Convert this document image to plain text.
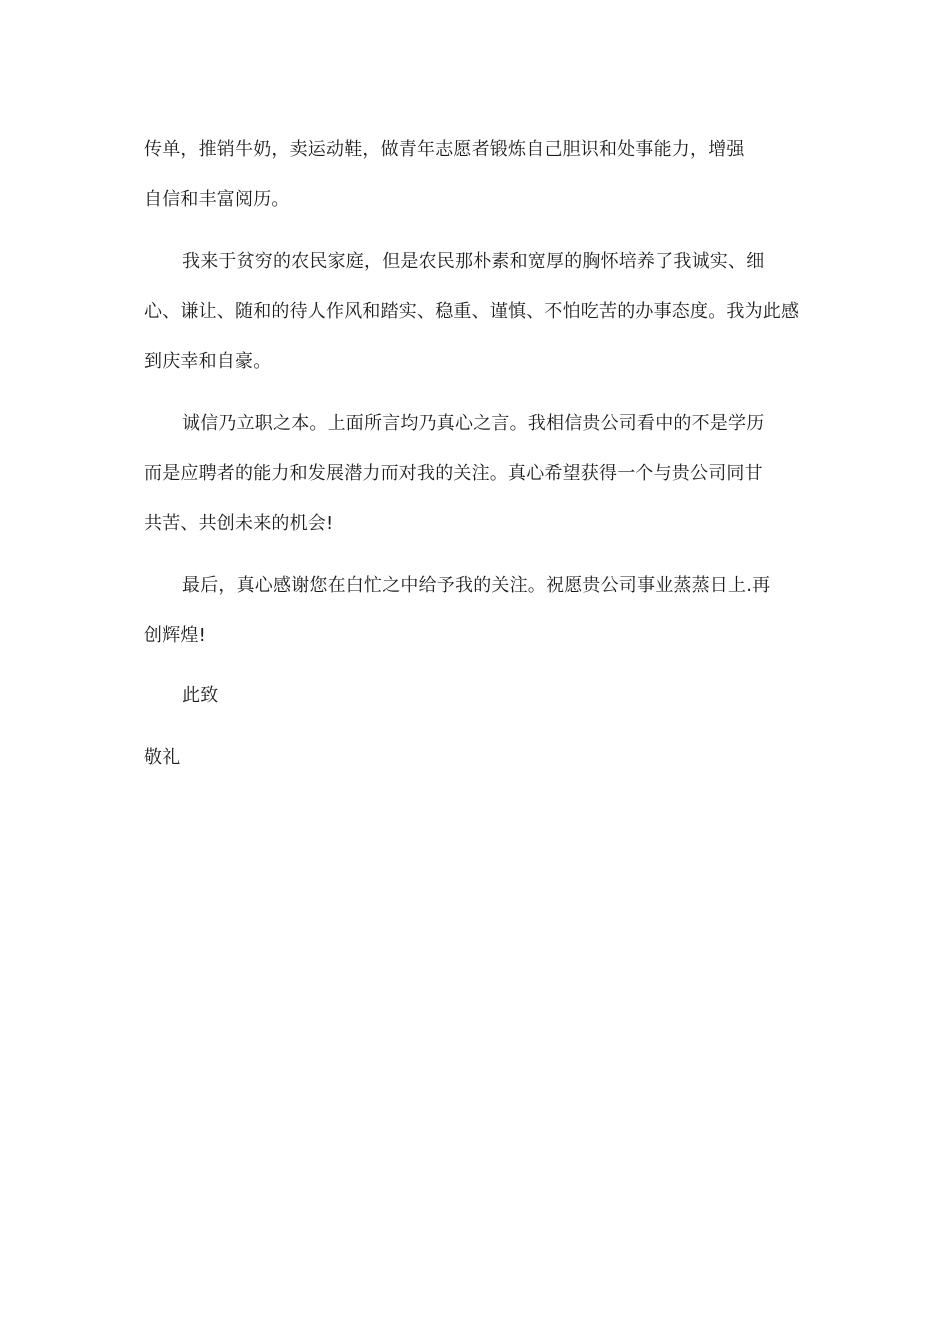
传单，推销牛奶，卖运动鞋，做青年志愿者锻炼自己胆识和处事能力，增强
自信和丰富阅历。
我来于贫穷的农民家庭，但是农民那朴素和宽厚的胸怀培养了我诚实、细
心、谦让、随和的待人作风和踏实、稳重、谨慎、不怕吃苦的办事态度。我为此感
到庆幸和自豪。
诚信乃立职之本。上面所言均乃真心之言。我相信贵公司看中的不是学历
而是应聘者的能力和发展潜力而对我的关注。真心希望获得一个与贵公司同甘
共苦、共创未来的机会!
最后，真心感谢您在白忙之中给予我的关注。祝愿贵公司事业蒸蒸日上.再
创辉煌!
此致
敬礼
